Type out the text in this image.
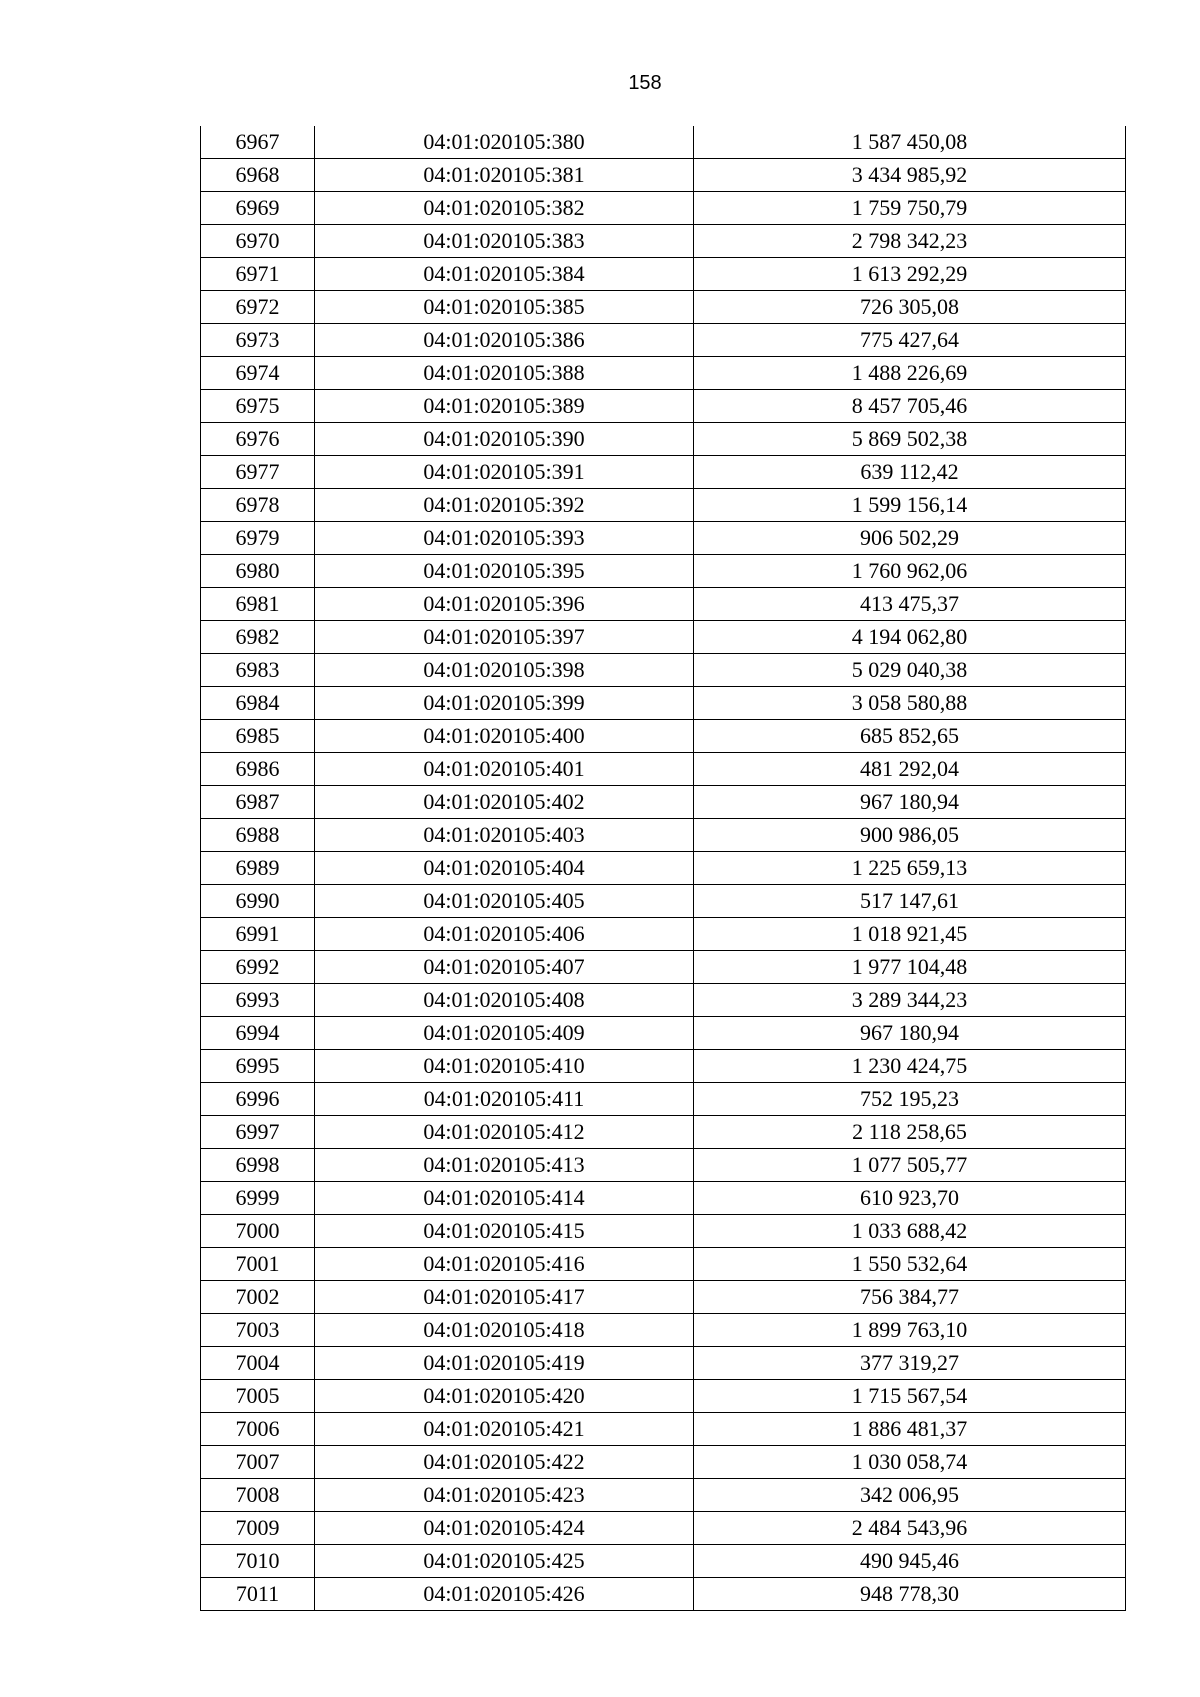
158
6967	04:01:020105:380	1 587 450,08
6968	04:01:020105:381	3 434 985,92
6969	04:01:020105:382	1 759 750,79
6970	04:01:020105:383	2 798 342,23
6971	04:01:020105:384	1 613 292,29
6972	04:01:020105:385	726 305,08
6973	04:01:020105:386	775 427,64
6974	04:01:020105:388	1 488 226,69
6975	04:01:020105:389	8 457 705,46
6976	04:01:020105:390	5 869 502,38
6977	04:01:020105:391	639 112,42
6978	04:01:020105:392	1 599 156,14
6979	04:01:020105:393	906 502,29
6980	04:01:020105:395	1 760 962,06
6981	04:01:020105:396	413 475,37
6982	04:01:020105:397	4 194 062,80
6983	04:01:020105:398	5 029 040,38
6984	04:01:020105:399	3 058 580,88
6985	04:01:020105:400	685 852,65
6986	04:01:020105:401	481 292,04
6987	04:01:020105:402	967 180,94
6988	04:01:020105:403	900 986,05
6989	04:01:020105:404	1 225 659,13
6990	04:01:020105:405	517 147,61
6991	04:01:020105:406	1 018 921,45
6992	04:01:020105:407	1 977 104,48
6993	04:01:020105:408	3 289 344,23
6994	04:01:020105:409	967 180,94
6995	04:01:020105:410	1 230 424,75
6996	04:01:020105:411	752 195,23
6997	04:01:020105:412	2 118 258,65
6998	04:01:020105:413	1 077 505,77
6999	04:01:020105:414	610 923,70
7000	04:01:020105:415	1 033 688,42
7001	04:01:020105:416	1 550 532,64
7002	04:01:020105:417	756 384,77
7003	04:01:020105:418	1 899 763,10
7004	04:01:020105:419	377 319,27
7005	04:01:020105:420	1 715 567,54
7006	04:01:020105:421	1 886 481,37
7007	04:01:020105:422	1 030 058,74
7008	04:01:020105:423	342 006,95
7009	04:01:020105:424	2 484 543,96
7010	04:01:020105:425	490 945,46
7011	04:01:020105:426	948 778,30
